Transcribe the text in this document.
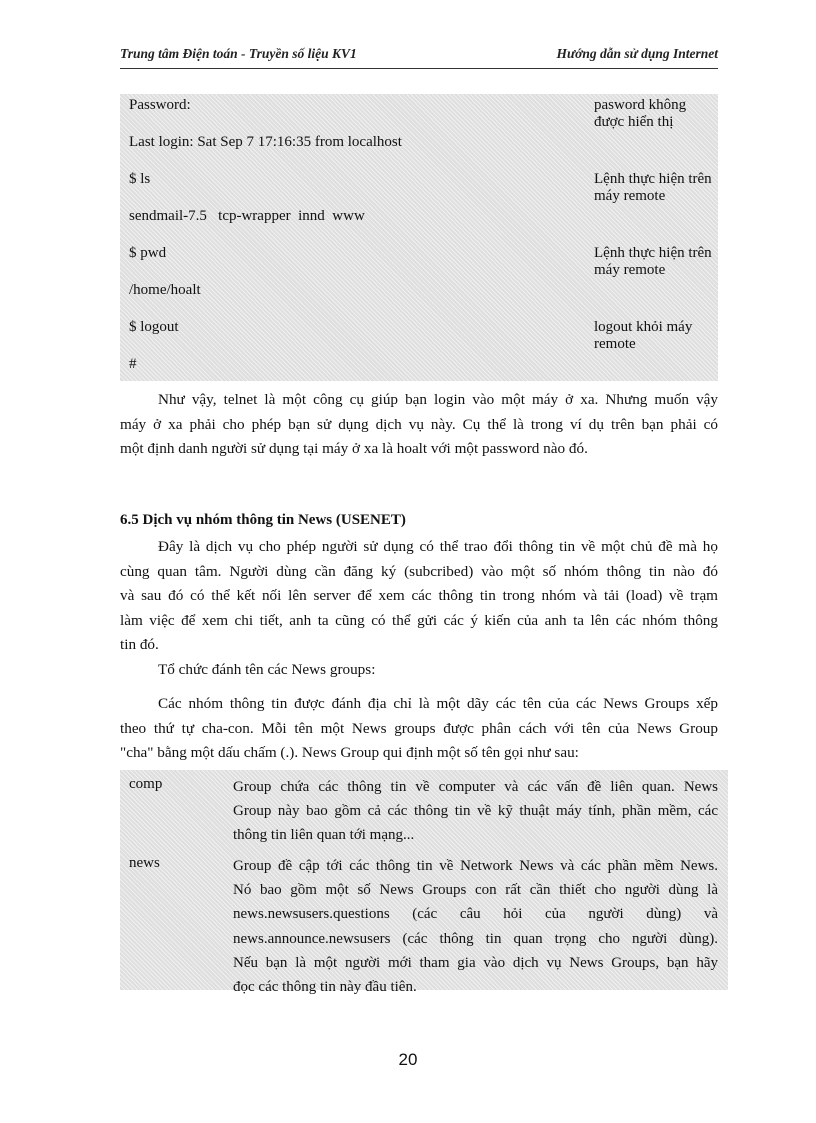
Trung tâm Điện toán - Truyền số liệu KV1	Hướng dẫn sử dụng Internet
Password:	pasword không được hiển thị
Last login: Sat Sep 7 17:16:35 from localhost
$ ls	Lệnh thực hiện trên máy remote
sendmail-7.5   tcp-wrapper  innd  www
$ pwd	Lệnh thực hiện trên máy remote
/home/hoalt
$ logout	logout khỏi máy remote
#
Như vậy, telnet là một công cụ giúp bạn login vào một máy ở xa. Nhưng muốn vậy
máy ở xa phải cho phép bạn sử dụng dịch vụ này. Cụ thể là trong ví dụ trên bạn phải có
một định danh người sử dụng tại máy ở xa là hoalt với một password nào đó.
6.5 Dịch vụ nhóm thông tin News (USENET)
Đây là dịch vụ cho phép người sử dụng có thể trao đổi thông tin về một chủ đề mà họ
cùng quan tâm. Người dùng cần đăng ký (subcribed) vào một số nhóm thông tin nào đó
và sau đó có thể kết nối lên server để xem các thông tin trong nhóm và tải (load) về trạm
làm việc để xem chi tiết, anh ta cũng có thể gửi các ý kiến của anh ta lên các nhóm thông
tin đó.
Tổ chức đánh tên các News groups:
Các nhóm thông tin được đánh địa chỉ là một dãy các tên của các News Groups xếp
theo thứ tự cha-con. Mỗi tên một News groups được phân cách với tên của News Group
"cha" bằng một dấu chấm (.). News Group qui định một số tên gọi như sau:
comp	Group chứa các thông tin về computer và các vấn đề liên quan. News
Group này bao gồm cả các thông tin về kỹ thuật máy tính, phần mềm, các
thông tin liên quan tới mạng...
news	Group đề cập tới các thông tin về Network News và các phần mềm News.
Nó bao gồm một số News Groups con rất cần thiết cho người dùng là
news.newsusers.questions (các câu hỏi của người dùng) và
news.announce.newsusers (các thông tin quan trọng cho người dùng).
Nếu bạn là một người mới tham gia vào dịch vụ News Groups, bạn hãy
đọc các thông tin này đầu tiên.
20
